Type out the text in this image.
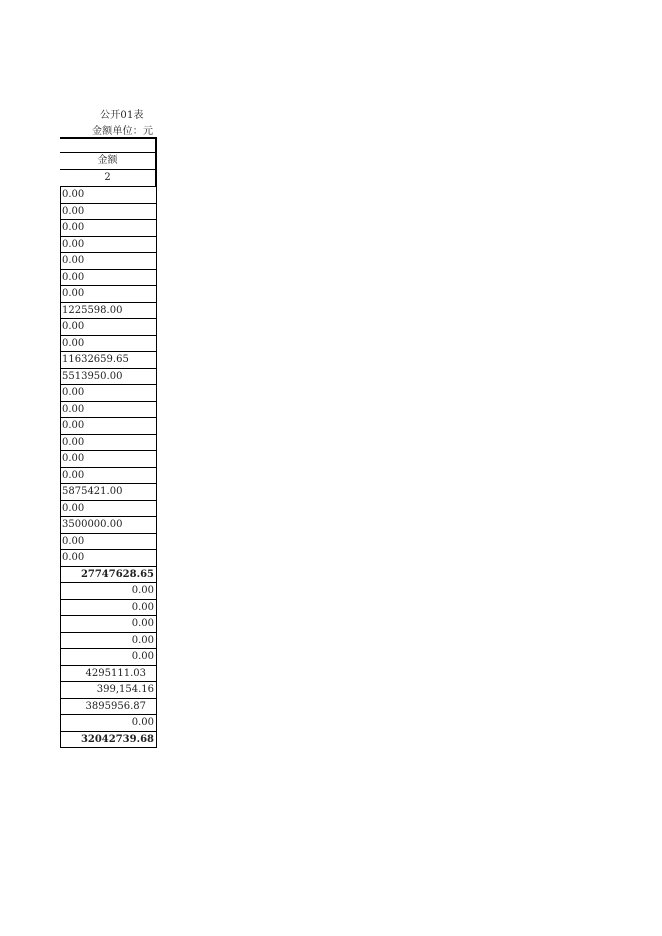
公开01表
金额单位：元
金额
2
0.00
0.00
0.00
0.00
0.00
0.00
0.00
1225598.00
0.00
0.00
11632659.65
5513950.00
0.00
0.00
0.00
0.00
0.00
0.00
5875421.00
0.00
3500000.00
0.00
0.00
27747628.65
0.00
0.00
0.00
0.00
0.00
4295111.03
399,154.16
3895956.87
0.00
32042739.68
